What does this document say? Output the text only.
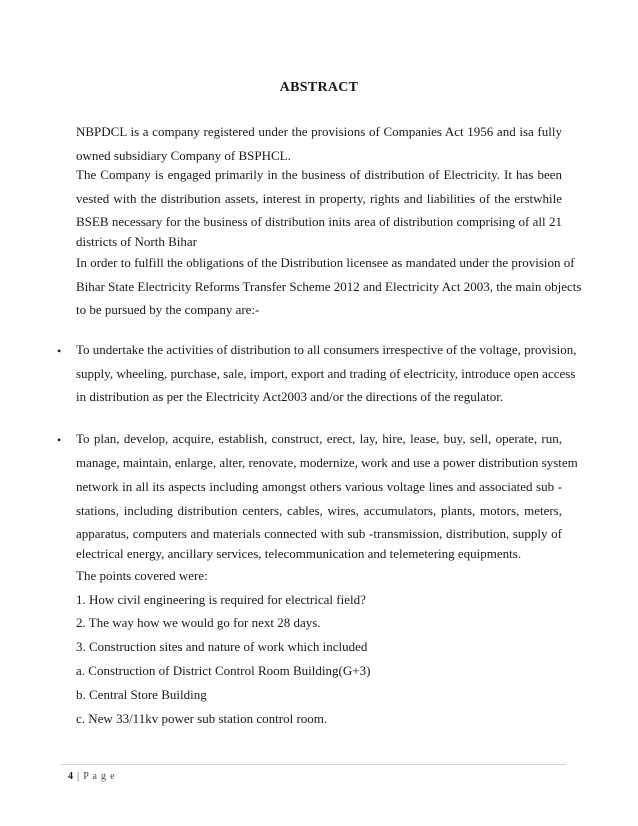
ABSTRACT
NBPDCL is a company registered under the provisions of Companies Act 1956 and isa fully
owned subsidiary Company of BSPHCL.
The Company is engaged primarily in the business of distribution of Electricity. It has been
vested with the distribution assets, interest in property, rights and liabilities of the erstwhile
BSEB necessary for the business of distribution inits area of distribution comprising of all 21
districts of North Bihar
In order to fulfill the obligations of the Distribution licensee as mandated under the provision of
Bihar State Electricity Reforms Transfer Scheme 2012 and Electricity Act 2003, the main objects
to be pursued by the company are:-
• To undertake the activities of distribution to all consumers irrespective of the voltage, provision,
supply, wheeling, purchase, sale, import, export and trading of electricity, introduce open access
in distribution as per the Electricity Act2003 and/or the directions of the regulator.
• To plan, develop, acquire, establish, construct, erect, lay, hire, lease, buy, sell, operate, run,
manage, maintain, enlarge, alter, renovate, modernize, work and use a power distribution system
network in all its aspects including amongst others various voltage lines and associated sub -
stations, including distribution centers, cables, wires, accumulators, plants, motors, meters,
apparatus, computers and materials connected with sub -transmission, distribution, supply of
electrical energy, ancillary services, telecommunication and telemetering equipments.
The points covered were:
1. How civil engineering is required for electrical field?
2. The way how we would go for next 28 days.
3. Construction sites and nature of work which included
a. Construction of District Control Room Building(G+3)
b. Central Store Building
c. New 33/11kv power sub station control room.
4 | P a g e
